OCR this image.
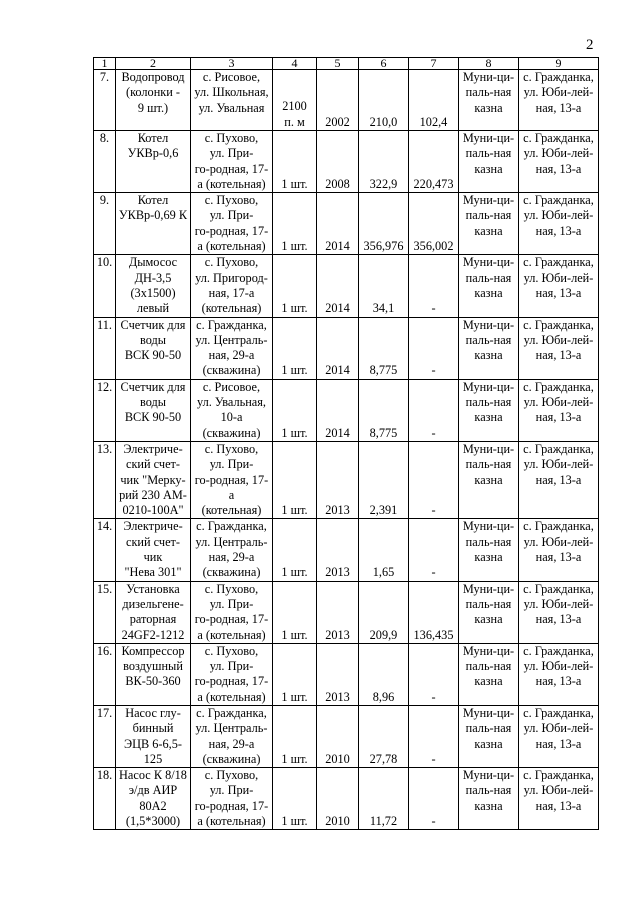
2
1	2	3	4	5	6	7	8	9
7.	Водопровод
(колонки -
9 шт.)	с. Рисовое,
ул. Школьная,
ул. Увальная	2100
п. м	2002	210,0	102,4	Муни-ци-
паль-ная
казна	с. Гражданка,
ул. Юби-лей-
ная, 13-а

8.	Котел
УКВр-0,6	с. Пухово,
ул. При-
го-родная, 17-
а (котельная)	1 шт.	2008	322,9	220,473	Муни-ци-
паль-ная
казна	с. Гражданка,
ул. Юби-лей-
ная, 13-а

9.	Котел
УКВр-0,69 К	с. Пухово,
ул. При-
го-родная, 17-
а (котельная)	1 шт.	2014	356,976	356,002	Муни-ци-
паль-ная
казна	с. Гражданка,
ул. Юби-лей-
ная, 13-а

10.	Дымосос
ДН-3,5
(3х1500)
левый	с. Пухово,
ул. Пригород-
ная, 17-а
(котельная)	1 шт.	2014	34,1	-	Муни-ци-
паль-ная
казна	с. Гражданка,
ул. Юби-лей-
ная, 13-а

11.	Счетчик для
воды
ВСК 90-50	с. Гражданка,
ул. Централь-
ная, 29-а
(скважина)	1 шт.	2014	8,775	-	Муни-ци-
паль-ная
казна	с. Гражданка,
ул. Юби-лей-
ная, 13-а

12.	Счетчик для
воды
ВСК 90-50	с. Рисовое,
ул. Увальная,
10-а
(скважина)	1 шт.	2014	8,775	-	Муни-ци-
паль-ная
казна	с. Гражданка,
ул. Юби-лей-
ная, 13-а

13.	Электриче-
ский счет-
чик "Мерку-
рий 230 АМ-
0210-100А"	с. Пухово,
ул. При-
го-родная, 17-
а
(котельная)	1 шт.	2013	2,391	-	Муни-ци-
паль-ная
казна	с. Гражданка,
ул. Юби-лей-
ная, 13-а

14.	Электриче-
ский счет-
чик
"Нева 301"	с. Гражданка,
ул. Централь-
ная, 29-а
(скважина)	1 шт.	2013	1,65	-	Муни-ци-
паль-ная
казна	с. Гражданка,
ул. Юби-лей-
ная, 13-а

15.	Установка
дизельгене-
раторная
24GF2-1212	с. Пухово,
ул. При-
го-родная, 17-
а (котельная)	1 шт.	2013	209,9	136,435	Муни-ци-
паль-ная
казна	с. Гражданка,
ул. Юби-лей-
ная, 13-а

16.	Компрессор
воздушный
ВК-50-360	с. Пухово,
ул. При-
го-родная, 17-
а (котельная)	1 шт.	2013	8,96	-	Муни-ци-
паль-ная
казна	с. Гражданка,
ул. Юби-лей-
ная, 13-а

17.	Насос глу-
бинный
ЭЦВ 6-6,5-
125	с. Гражданка,
ул. Централь-
ная, 29-а
(скважина)	1 шт.	2010	27,78	-	Муни-ци-
паль-ная
казна	с. Гражданка,
ул. Юби-лей-
ная, 13-а

18.	Насос К 8/18
э/дв АИР
80А2
(1,5*3000)	с. Пухово,
ул. При-
го-родная, 17-
а (котельная)	1 шт.	2010	11,72	-	Муни-ци-
паль-ная
казна	с. Гражданка,
ул. Юби-лей-
ная, 13-а
